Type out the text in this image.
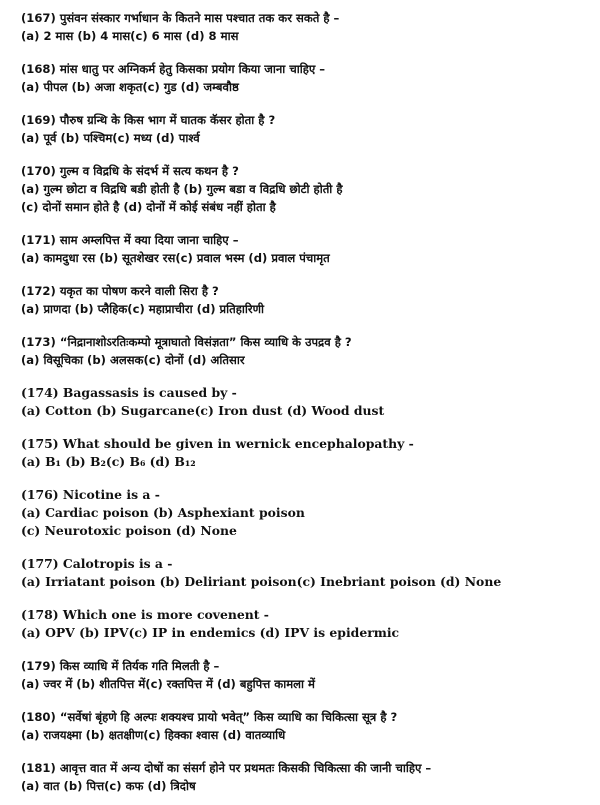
(167) पुसंवन संस्कार गर्भाधान के कितने मास पश्चात तक कर सकते है –
(a) 2 मास (b) 4 मास(c) 6 मास (d) 8 मास
(168) मांस धातु पर अग्निकर्म हेतु किसका प्रयोग किया जाना चाहिए –
(a) पीपल (b) अजा शकृत(c) गुड (d) जम्बवौष्ठ
(169) पौरुष ग्रन्थि के किस भाग में घातक कॅसर होता है ?
(a) पूर्व (b) पश्चिम(c) मध्य (d) पार्श्व
(170) गुल्म व विद्रधि के संदर्भ में सत्य कथन है ?
(a) गुल्म छोटा व विद्रधि बडी होती है (b) गुल्म बडा व विद्रधि छोटी होती है
(c) दोनों समान होते है (d) दोनों में कोई संबंध नहीं होता है
(171) साम अम्लपित्त में क्या दिया जाना चाहिए –
(a) कामदुधा रस (b) सूतशेखर रस(c) प्रवाल भस्म (d) प्रवाल पंचामृत
(172) यकृत का पोषण करने वाली सिरा है ?
(a) प्राणदा (b) प्लैहिक(c) महाप्राचीरा (d) प्रतिहारिणी
(173) “निद्रानाशोऽरतिःकम्पो मूत्राघातो विसंज्ञता” किस व्याधि के उपद्रव है ?
(a) विसूचिका (b) अलसक(c) दोनों (d) अतिसार
(174) Bagassasis is caused by -
(a) Cotton (b) Sugarcane(c) Iron dust (d) Wood dust
(175) What should be given in wernick encephalopathy -
(a) B₁ (b) B₂(c) B₆ (d) B₁₂
(176) Nicotine is a -
(a) Cardiac poison (b) Asphexiant poison
(c) Neurotoxic poison (d) None
(177) Calotropis is a -
(a) Irriatant poison (b) Deliriant poison(c) Inebriant poison (d) None
(178) Which one is more covenent -
(a) OPV (b) IPV(c) IP in endemics (d) IPV is epidermic
(179) किस व्याधि में तिर्यक गति मिलती है –
(a) ज्वर में (b) शीतपित्त में(c) रक्तपित्त में (d) बहुपित्त कामला में
(180) “सर्वेषां बृंहणे हि अल्पः शक्यश्च प्रायो भवेत्” किस व्याधि का चिकित्सा सूत्र है ?
(a) राजयक्ष्मा (b) क्षतक्षीण(c) हिक्का श्वास (d) वातव्याधि
(181) आवृत्त वात में अन्य दोषों का संसर्ग होने पर प्रथमतः किसकी चिकित्सा की जानी चाहिए –
(a) वात (b) पित्त(c) कफ (d) त्रिदोष
